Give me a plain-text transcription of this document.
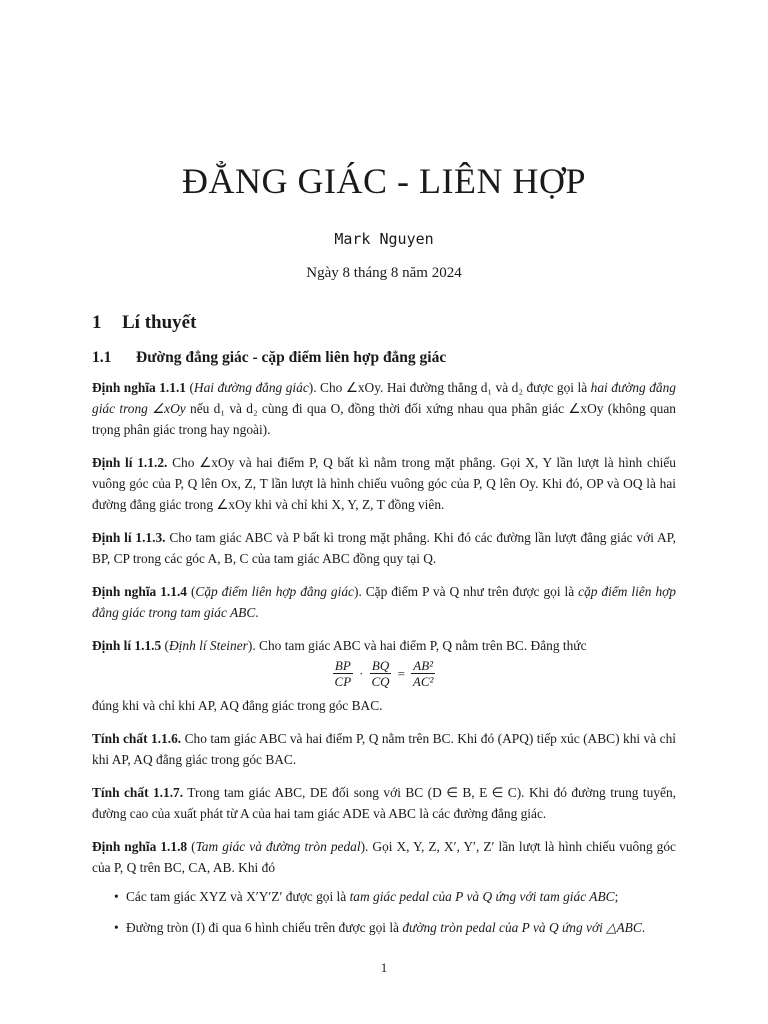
ĐẲNG GIÁC - LIÊN HỢP
Mark Nguyen
Ngày 8 tháng 8 năm 2024
1 Lí thuyết
1.1 Đường đẳng giác - cặp điểm liên hợp đẳng giác

Định nghĩa 1.1.1 (Hai đường đẳng giác). Cho ∠xOy. Hai đường thẳng d₁ và d₂ được gọi là hai đường đẳng giác trong ∠xOy nếu d₁ và d₂ cùng đi qua O, đồng thời đối xứng nhau qua phân giác ∠xOy (không quan trọng phân giác trong hay ngoài).

Định lí 1.1.2. Cho ∠xOy và hai điểm P, Q bất kì nằm trong mặt phẳng. Gọi X, Y lần lượt là hình chiếu vuông góc của P, Q lên Ox, Z, T lần lượt là hình chiếu vuông góc của P, Q lên Oy. Khi đó, OP và OQ là hai đường đẳng giác trong ∠xOy khi và chỉ khi X, Y, Z, T đồng viên.

Định lí 1.1.3. Cho tam giác ABC và P bất kì trong mặt phẳng. Khi đó các đường lần lượt đẳng giác với AP, BP, CP trong các góc A, B, C của tam giác ABC đồng quy tại Q.

Định nghĩa 1.1.4 (Cặp điểm liên hợp đẳng giác). Cặp điểm P và Q như trên được gọi là cặp điểm liên hợp đẳng giác trong tam giác ABC.

Định lí 1.1.5 (Định lí Steiner). Cho tam giác ABC và hai điểm P, Q nằm trên BC. Đẳng thức

$\frac{BP}{CP} \cdot \frac{BQ}{CQ} = \frac{\text{AB²}}{\text{AC²}}$

đúng khi và chỉ khi AP, AQ đẳng giác trong góc BAC.

Tính chất 1.1.6. Cho tam giác ABC và hai điểm P, Q nằm trên BC. Khi đó (APQ) tiếp xúc (ABC) khi và chỉ khi AP, AQ đẳng giác trong góc BAC.

Tính chất 1.1.7. Trong tam giác ABC, DE đối song với BC (D ∈ B, E ∈ C). Khi đó đường trung tuyến, đường cao của xuất phát từ A của hai tam giác ADE và ABC là các đường đẳng giác.

Định nghĩa 1.1.8 (Tam giác và đường tròn pedal). Gọi X, Y, Z, X′, Y′, Z′ lần lượt là hình chiếu vuông góc của P, Q trên BC, CA, AB. Khi đó

• Các tam giác XYZ và X′Y′Z′ được gọi là tam giác pedal của P và Q ứng với tam giác ABC;
• Đường tròn (I) đi qua 6 hình chiếu trên được gọi là đường tròn pedal của P và Q ứng với △ABC.
1
